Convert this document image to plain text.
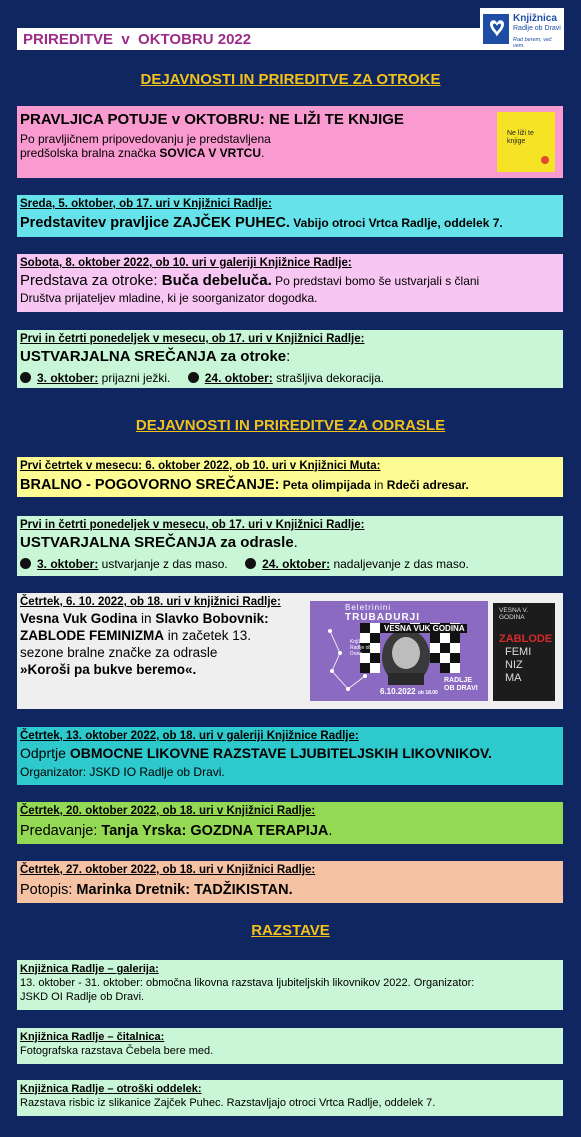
PRIREDITVE  v  OKTOBRU 2022
Knjižnica
Radlje ob Dravi
Rad berem, več vem.
DEJAVNOSTI IN PRIREDITVE ZA OTROKE
PRAVLJICA POTUJE v OKTOBRU: NE LIŽI TE KNJIGE
Po pravljičnem pripovedovanju je predstavljena
predšolska bralna značka SOVICA V VRTCU.
Ne liži te knjige
Sreda, 5. oktober, ob 17. uri v Knjižnici Radlje:
Predstavitev pravljice ZAJČEK PUHEC. Vabijo otroci Vrtca Radlje, oddelek 7.
Sobota, 8. oktober 2022, ob 10. uri v galeriji Knjižnice Radlje:
Predstava za otroke: Buča debeluča. Po predstavi bomo še ustvarjali s člani
Društva prijateljev mladine, ki je soorganizator dogodka.
Prvi in četrti ponedeljek v mesecu, ob 17. uri v Knjižnici Radlje:
USTVARJALNA SREČANJA za otroke:
3. oktober: prijazni ježki.	24. oktober: strašljiva dekoracija.
DEJAVNOSTI IN PRIREDITVE ZA ODRASLE
Prvi četrtek v mesecu: 6. oktober 2022, ob 10. uri v Knjižnici Muta:
BRALNO - POGOVORNO SREČANJE: Peta olimpijada in Rdeči adresar.
Prvi in četrti ponedeljek v mesecu, ob 17. uri v Knjižnici Radlje:
USTVARJALNA SREČANJA za odrasle.
3. oktober: ustvarjanje z das maso.	24. oktober: nadaljevanje z das maso.
Četrtek, 6. 10. 2022, ob 18. uri v knjižnici Radlje:
Vesna Vuk Godina in Slavko Bobovnik:
ZABLODE FEMINIZMA in začetek 13.
sezone bralne značke za odrasle
»Koroši pa bukve beremo«.
Beletrinini
TRUBADURJI
VESNA VUK GODINA
Knjižnica Radlje ob Dravi
6.10.2022 ob 18.00
RADLJE OB DRAVI
VESNA V. GODINA
ZABLODE
FEMI
NIZ
MA
Četrtek, 13. oktober 2022, ob 18. uri v galeriji Knjižnice Radlje:
Odprtje OBMOCNE LIKOVNE RAZSTAVE LJUBITELJSKIH LIKOVNIKOV.
Organizator: JSKD IO Radlje ob Dravi.
Četrtek, 20. oktober 2022, ob 18. uri v Knjižnici Radlje:
Predavanje: Tanja Yrska: GOZDNA TERAPIJA.
Četrtek, 27. oktober 2022, ob 18. uri v Knjižnici Radlje:
Potopis: Marinka Dretnik: TADŽIKISTAN.
RAZSTAVE
Knjižnica Radlje – galerija:
13. oktober - 31. oktober: območna likovna razstava ljubiteljskih likovnikov 2022. Organizator:
JSKD OI Radlje ob Dravi.
Knjižnica Radlje – čitalnica:
Fotografska razstava Čebela bere med.
Knjižnica Radlje – otroški oddelek:
Razstava risbic iz slikanice Zajček Puhec. Razstavljajo otroci Vrtca Radlje, oddelek 7.
